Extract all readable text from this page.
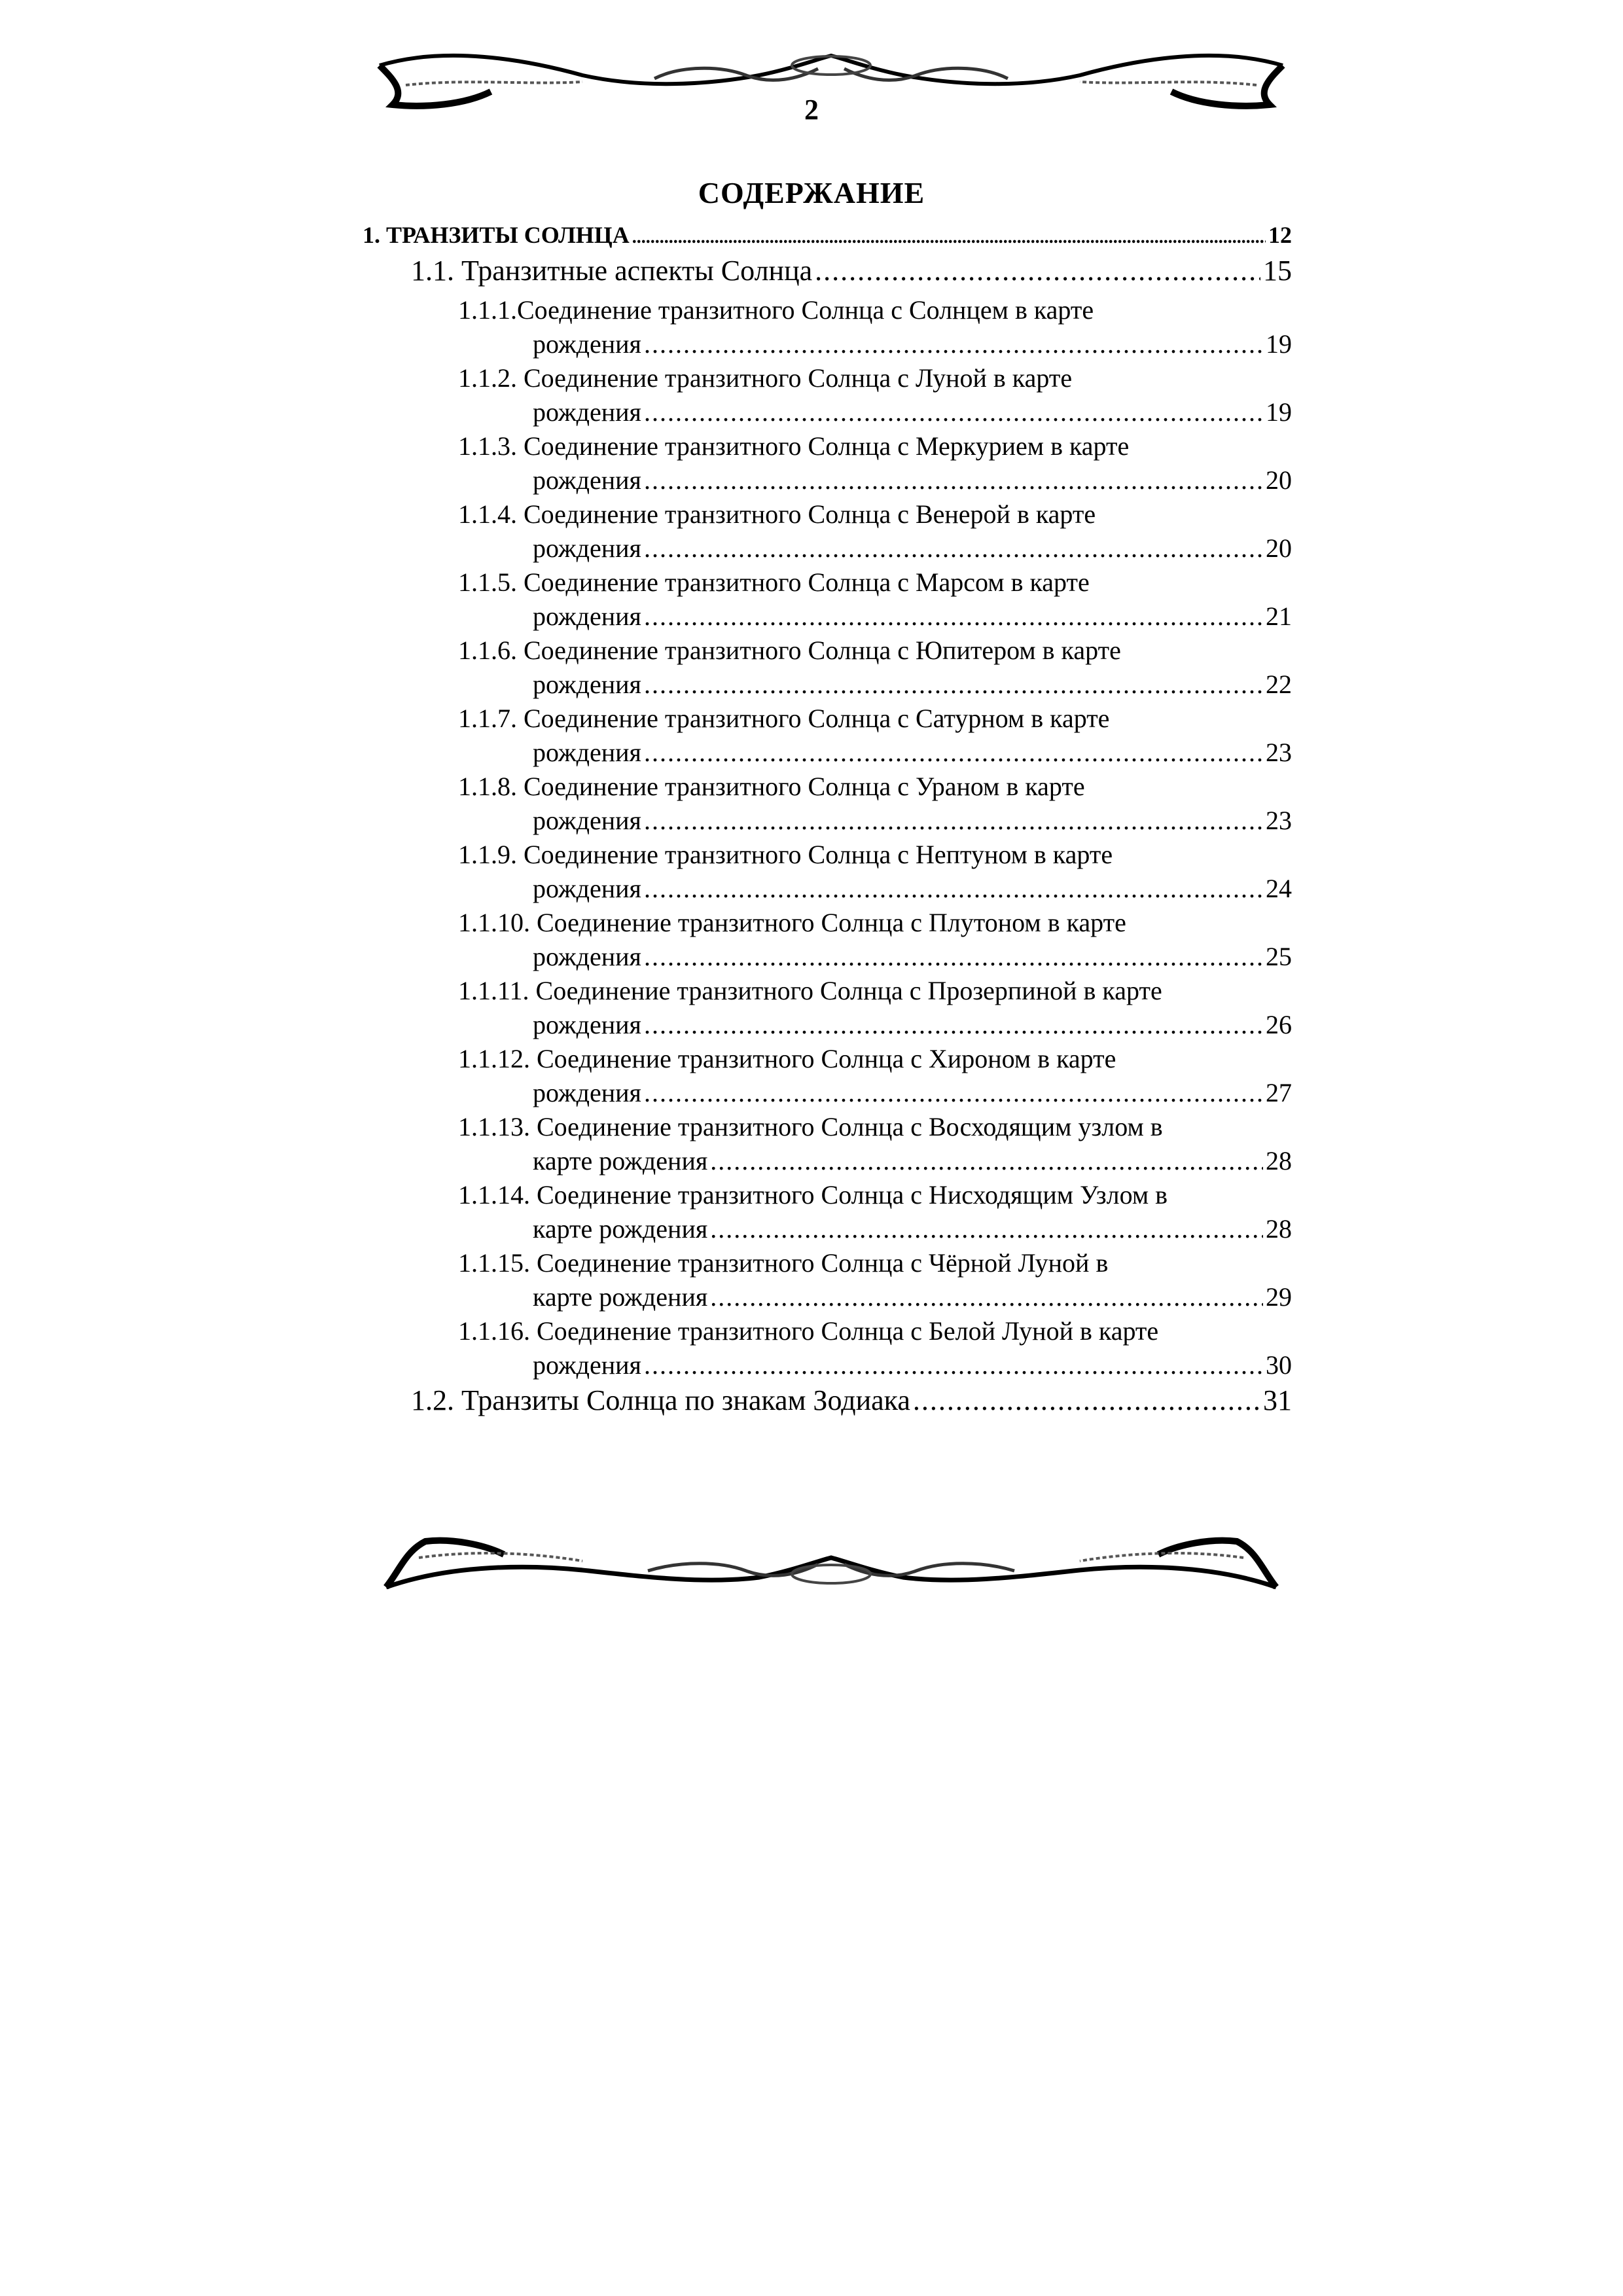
2
СОДЕРЖАНИЕ
1. ТРАНЗИТЫ СОЛНЦА .....	12
1.1. Транзитные аспекты Солнца .....	15
1.1.1.Соединение транзитного Солнца с Солнцем в карте
рождения .....	19
1.1.2. Соединение транзитного Солнца с Луной в карте
рождения .....	19
1.1.3. Соединение транзитного Солнца с Меркурием в карте
рождения .....	20
1.1.4. Соединение транзитного Солнца с Венерой в карте
рождения .....	20
1.1.5. Соединение транзитного Солнца с Марсом в карте
рождения .....	21
1.1.6. Соединение транзитного Солнца с Юпитером в карте
рождения .....	22
1.1.7. Соединение транзитного Солнца с Сатурном в карте
рождения .....	23
1.1.8. Соединение транзитного Солнца с Ураном в карте
рождения .....	23
1.1.9. Соединение транзитного Солнца с Нептуном в карте
рождения .....	24
1.1.10. Соединение транзитного Солнца с Плутоном в карте
рождения .....	25
1.1.11. Соединение транзитного Солнца с Прозерпиной в карте
рождения .....	26
1.1.12. Соединение транзитного Солнца с Хироном в карте
рождения .....	27
1.1.13. Соединение транзитного Солнца с Восходящим узлом в
карте рождения .....	28
1.1.14. Соединение транзитного Солнца с Нисходящим Узлом в
карте рождения .....	28
1.1.15. Соединение транзитного Солнца с Чёрной Луной в
карте рождения .....	29
1.1.16. Соединение транзитного Солнца с Белой Луной в карте
рождения .....	30
1.2. Транзиты Солнца по знакам Зодиака .....	31
